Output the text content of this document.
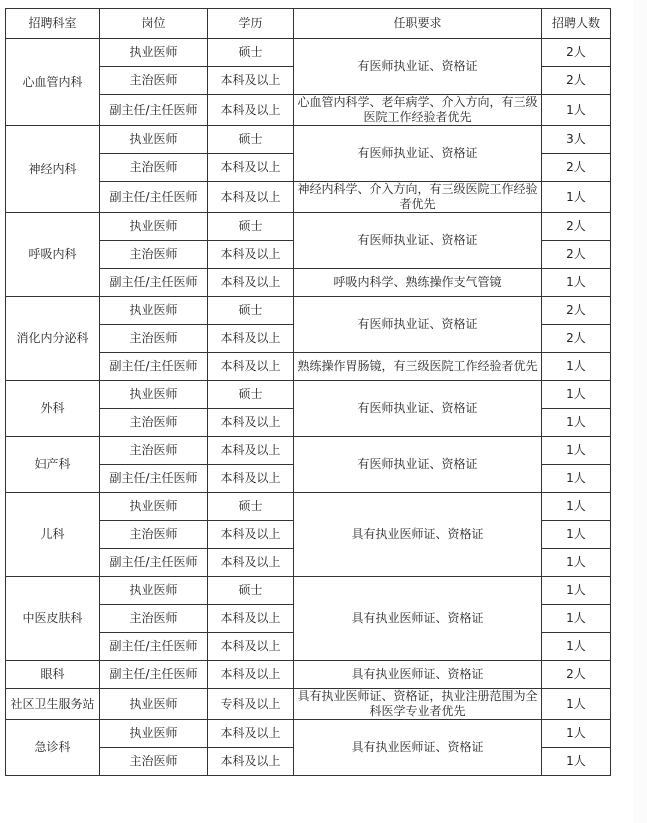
招聘科室	岗位	学历	任职要求	招聘人数
心血管内科	执业医师	硕士	有医师执业证、资格证	2人
	主治医师	本科及以上		2人
	副主任/主任医师	本科及以上	心血管内科学、老年病学、介入方向，有三级医院工作经验者优先	1人
神经内科	执业医师	硕士	有医师执业证、资格证	3人
	主治医师	本科及以上		2人
	副主任/主任医师	本科及以上	神经内科学、介入方向，有三级医院工作经验者优先	1人
呼吸内科	执业医师	硕士	有医师执业证、资格证	2人
	主治医师	本科及以上		2人
	副主任/主任医师	本科及以上	呼吸内科学、熟练操作支气管镜	1人
消化内分泌科	执业医师	硕士	有医师执业证、资格证	2人
	主治医师	本科及以上		2人
	副主任/主任医师	本科及以上	熟练操作胃肠镜，有三级医院工作经验者优先	1人
外科	执业医师	硕士	有医师执业证、资格证	1人
	主治医师	本科及以上		1人
妇产科	主治医师	本科及以上	有医师执业证、资格证	1人
	副主任/主任医师	本科及以上		1人
儿科	执业医师	硕士	具有执业医师证、资格证	1人
	主治医师	本科及以上		1人
	副主任/主任医师	本科及以上		1人
中医皮肤科	执业医师	硕士	具有执业医师证、资格证	1人
	主治医师	本科及以上		1人
	副主任/主任医师	本科及以上		1人
眼科	副主任/主任医师	本科及以上	具有执业医师证、资格证	2人
社区卫生服务站	执业医师	专科及以上	具有执业医师证、资格证，执业注册范围为全科医学专业者优先	1人
急诊科	执业医师	本科及以上	具有执业医师证、资格证	1人
	主治医师	本科及以上		1人
